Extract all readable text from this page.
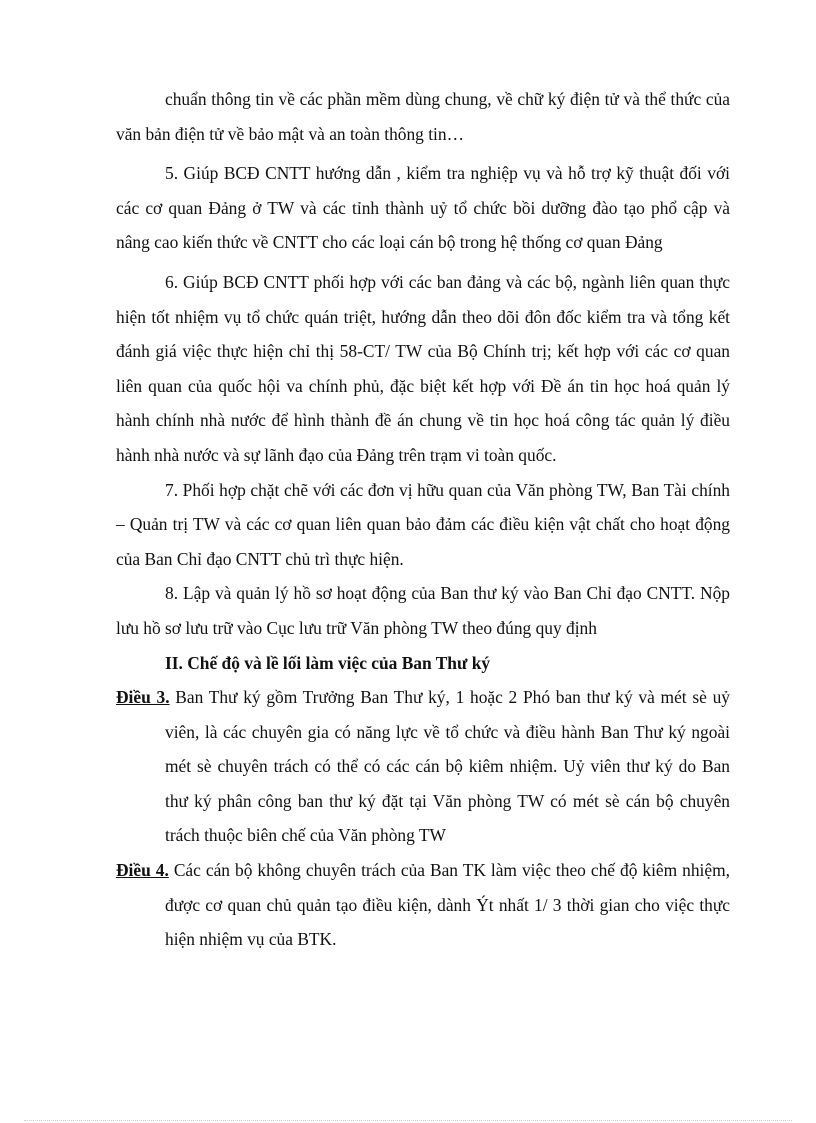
chuẩn thông tin về các phần mềm dùng chung, về chữ ký điện tử và thể thức của văn bản điện tử về bảo mật và an toàn thông tin…

5. Giúp BCĐ CNTT hướng dẫn , kiểm tra nghiệp vụ và hỗ trợ kỹ thuật đối với các cơ quan Đảng ở TW và các tỉnh thành uỷ tổ chức bồi dưỡng đào tạo phổ cập và nâng cao kiến thức về CNTT cho các loại cán bộ trong hệ thống cơ quan Đảng

6. Giúp BCĐ CNTT phối hợp với các ban đảng và các bộ, ngành liên quan thực hiện tốt nhiệm vụ tổ chức quán triệt, hướng dẫn theo dõi đôn đốc kiểm tra và tổng kết đánh giá việc thực hiện chỉ thị 58-CT/ TW của Bộ Chính trị; kết hợp với các cơ quan liên quan của quốc hội va chính phủ, đặc biệt kết hợp với Đề án tin học hoá quản lý hành chính nhà nước để hình thành đề án chung về tin học hoá công tác quản lý điều hành nhà nước và sự lãnh đạo của Đảng trên trạm vi toàn quốc.

7. Phối hợp chặt chẽ với các đơn vị hữu quan của Văn phòng TW, Ban Tài chính – Quản trị TW và các cơ quan liên quan bảo đảm các điều kiện vật chất cho hoạt động của Ban Chỉ đạo CNTT chủ trì thực hiện.

8. Lập và quản lý hồ sơ hoạt động của Ban thư ký vào Ban Chỉ đạo CNTT. Nộp lưu hồ sơ lưu trữ vào Cục lưu trữ Văn phòng TW theo đúng quy định

II. Chế độ và lề lối làm việc của Ban Thư ký

Điều 3. Ban Thư ký gồm Trưởng Ban Thư ký, 1 hoặc 2 Phó ban thư ký và mét sè uỷ viên, là các chuyên gia có năng lực về tổ chức và điều hành Ban Thư ký ngoài mét sè chuyên trách có thể có các cán bộ kiêm nhiệm. Uỷ viên thư ký do Ban thư ký phân công ban thư ký đặt tại Văn phòng TW có mét sè cán bộ chuyên trách thuộc biên chế của Văn phòng TW

Điều 4. Các cán bộ không chuyên trách của Ban TK làm việc theo chế độ kiêm nhiệm, được cơ quan chủ quản tạo điều kiện, dành Ýt nhất 1/ 3 thời gian cho việc thực hiện nhiệm vụ của BTK.
